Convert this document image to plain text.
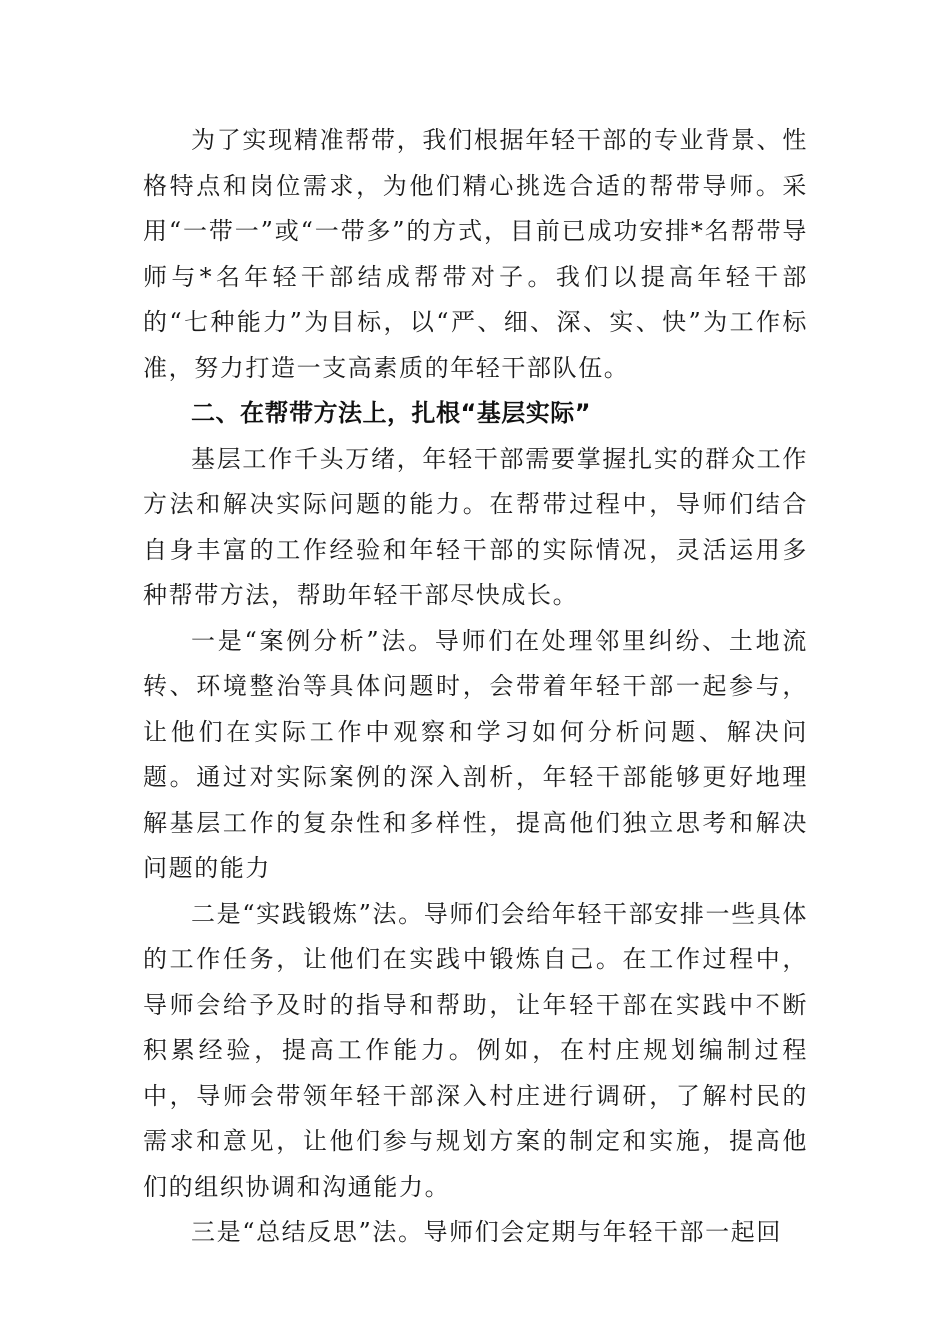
为了实现精准帮带，我们根据年轻干部的专业背景、性格特点和岗位需求，为他们精心挑选合适的帮带导师。采用“一带一”或“一带多”的方式，目前已成功安排*名帮带导师与*名年轻干部结成帮带对子。我们以提高年轻干部的“七种能力”为目标，以“严、细、深、实、快”为工作标准，努力打造一支高素质的年轻干部队伍。

二、在帮带方法上，扎根“基层实际”

基层工作千头万绪，年轻干部需要掌握扎实的群众工作方法和解决实际问题的能力。在帮带过程中，导师们结合自身丰富的工作经验和年轻干部的实际情况，灵活运用多种帮带方法，帮助年轻干部尽快成长。

一是“案例分析”法。导师们在处理邻里纠纷、土地流转、环境整治等具体问题时，会带着年轻干部一起参与，让他们在实际工作中观察和学习如何分析问题、解决问题。通过对实际案例的深入剖析，年轻干部能够更好地理解基层工作的复杂性和多样性，提高他们独立思考和解决问题的能力

二是“实践锻炼”法。导师们会给年轻干部安排一些具体的工作任务，让他们在实践中锻炼自己。在工作过程中，导师会给予及时的指导和帮助，让年轻干部在实践中不断积累经验，提高工作能力。例如，在村庄规划编制过程中，导师会带领年轻干部深入村庄进行调研，了解村民的需求和意见，让他们参与规划方案的制定和实施，提高他们的组织协调和沟通能力。

三是“总结反思”法。导师们会定期与年轻干部一起回
